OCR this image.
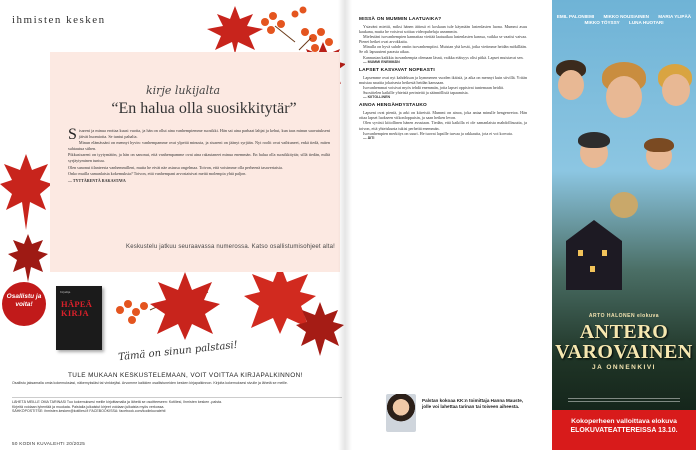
ihmisten kesken
kirje lukijalta
“En halua olla suosikkitytär”

Sisareni ja minua erottaa kuusi vuotta, ja hän on ollut aina vanhempiemme suosikki. Hän sai aina parhaat lahjat ja kehut, kun taas minun saavutukseni jäivät huomiotta. Se tuntui pahalta.

Minun elämässäni on mennyt hyvin: vanhempamme ovat ylpeitä minusta, ja sisareni on jäänyt syrjään. Nyt roolit ovat vaihtuneet, enkä tiedä, miten suhtautua siihen.

Pikkusisareni on tyytymätön, ja hän on sanonut, että vanhempamme ovat aina rakastaneet minua enemmän. En halua olla suosikkitytär, sillä tiedän, miltä syrjäytyminen tuntuu.

Olen sanonut tilanteesta vanhemmilleni, mutta he eivät näe asiassa ongelmaa. Toivon, että voisimme olla perheenä tasavertaisia.

Onko muilla samanlaisia kokemuksia? Toivon, että vanhempani arvostaisivat meitä molempia yhtä paljon.

— TYTTÄRENTÄ RAKASTAVA

Keskustelu jatkuu seuraavassa numerossa. Katso osallistumisohjeet alta!
Osallistu ja voita!
Kirjailija
HÄPEÄ KIRJA
Tämä on sinun palstasi!
TULE MUKAAN KESKUSTELEMAAN, VOIT VOITTAA KIRJAPALKINNON!
Osallistu jaksamalla omia kokemuksiasi, näkemyksiäsi tai vinkkejäsi. Arvomme kaikkien osallistuneiden kesken kirjapalkinnon. Kirjoita kokemuksesi sivulle ja lähetä se meille.
LÄHETÄ MEILLE OMA TARINASI Tuo kokemuksesi meille kirjoittamalla ja lähetä se osoitteeseen: Kotiliesi, Ihmisten kesken -palsta.
Kirjeitä voidaan lyhentää ja muokata. Palstalla julkaistut kirjeet voidaan julkaista myös verkossa.
SÄHKÖPOSTITSE: ihmisten.kesken@kotiliesi.fi FACEBOOKISSA: facebook.com/kodinkuvalehti
50 KODIN KUVALEHTI 20/2025
MISSÄ ON MUMMIN LAATUAIKA?

Ystaväni miettii, miksi hänen äitinsä ei koskaan tule käymään lastenlasten luona. Mummi asuu kaukana, mutta he voisivat soittaa videopuheluja useammin.

Mielestäni isovanhempien kannattaa viettää laatuaikaa lastenlasten kanssa, vaikka se vaatisi vaivaa. Pienet hetket ovat arvokkaita.

Minulla on hyvä suhde omiin isovanhempiini. Muistan yhä kesät, jotka vietimme heidän mökillään. Se oli lapsuuteni parasta aikaa.

Kannustan kaikkia isovanhempia olemaan läsnä, vaikka etäisyys olisi pitkä. Lapset muistavat sen.

— MUMMI ENEMMÄN

LAPSET KASVAVAT NOPEASTI

Lapsemme ovat nyt kahdeksan ja kymmenen vuoden ikäisiä, ja aika on mennyt kuin siivillä. Yritän muistaa nauttia jokaisesta hetkestä heidän kanssaan.

Isovanhemmat voisivat myös tehdä enemmän, jotta lapset oppisivat tuntemaan heidät.

Suosittelen kaikille yhteisiä perinteitä ja säännöllisiä tapaamisia.

— KIITOLLINEN

AINOA HENGÄHDYSTAUKO

Lapseni ovat pieniä, ja arki on kiireistä. Mummi on ainoa, joka antaa minulle hengenvetoa. Hän ottaa lapset luokseen viikonloppuisin, ja saan hetken levon.

Olen syvästi kiitollinen hänen avustaan. Tiedän, että kaikilla ei ole samanlaista mahdollisuutta, ja toivon, että yhteiskunta tukisi perheitä enemmän.

Isovanhempien merkitys on suuri. He tuovat lapsille turvaa ja rakkautta, jota ei voi korvata.

— ÄITI

Palstan kokoaa KK:n toimittaja Hanna Mauste, jolle voi lahettaa tarinan tai toiveen aiheesta.
EMIL PALONIEMI MIKKO NOUSIAINEN MARIA YLIPÄÄ
MIKKO TÖYSSY LUNA HUOTARI
ARTO HALONEN elokuva
ANTERO VAROVAINEN
JA ONNENKIVI
Kokoperheen valloittava elokuva
ELOKUVATEATTEREISSA 13.10.
